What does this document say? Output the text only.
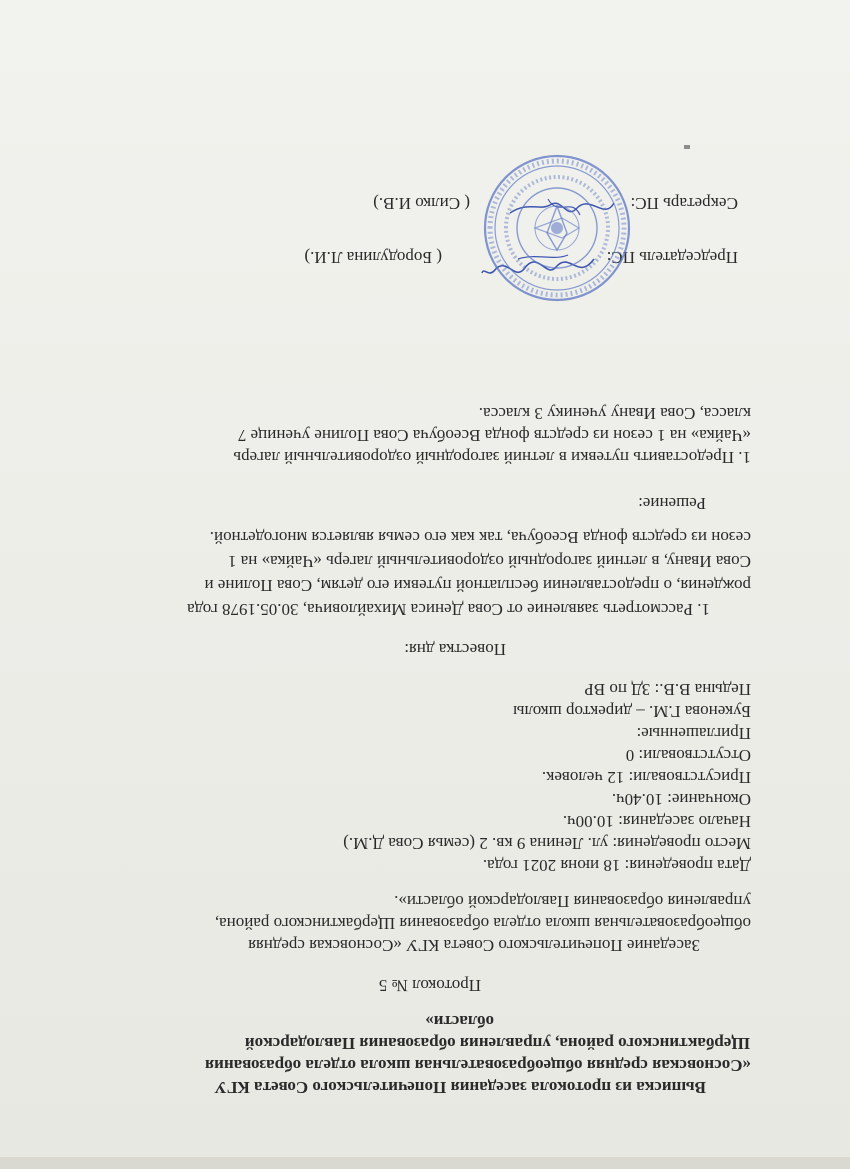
Выписка из протокола заседания Попечительского Совета КГУ
«Сосновская средняя общеобразовательная школа отдела образования
Щербактинского района, управления образования Павлодарской
области»
Протокол № 5
Заседание Попечительского Совета КГУ «Сосновская средняя
общеобразовательная школа отдела образования Щербактинского района,
управления образования Павлодарской области».
Дата проведения: 18 июня 2021 года.
Место проведения: ул. Ленина 9 кв. 2 (семья Сова Д.М.)
Начало заседания: 10.00ч.
Окончание: 10.40ч.
Присутствовали: 12 человек.
Отсутствовали: 0
Приглашенные:
Букенова Г.М. – директор школы
Педына В.В.: ЗД по ВР
Повестка дня:
1. Рассмотреть заявление от Сова Дениса Михайловича, 30.05.1978 года
рождения, о предоставлении бесплатной путевки его детям, Сова Полине и
Сова Ивану, в летний загородный оздоровительный лагерь «Чайка» на 1
сезон из средств фонда Всеобуча, так как его семья является многодетной.
Решение:
1. Предоставить путевки в летний загородный оздоровительный лагерь
«Чайка» на 1 сезон из средств фонда Всеобуча Сова Полине ученице 7
класса, Сова Ивану ученику 3 класса.
Председатель ПС:
( Бородулина Л.И.)
Секретарь ПС:
( Силко И.В.)
